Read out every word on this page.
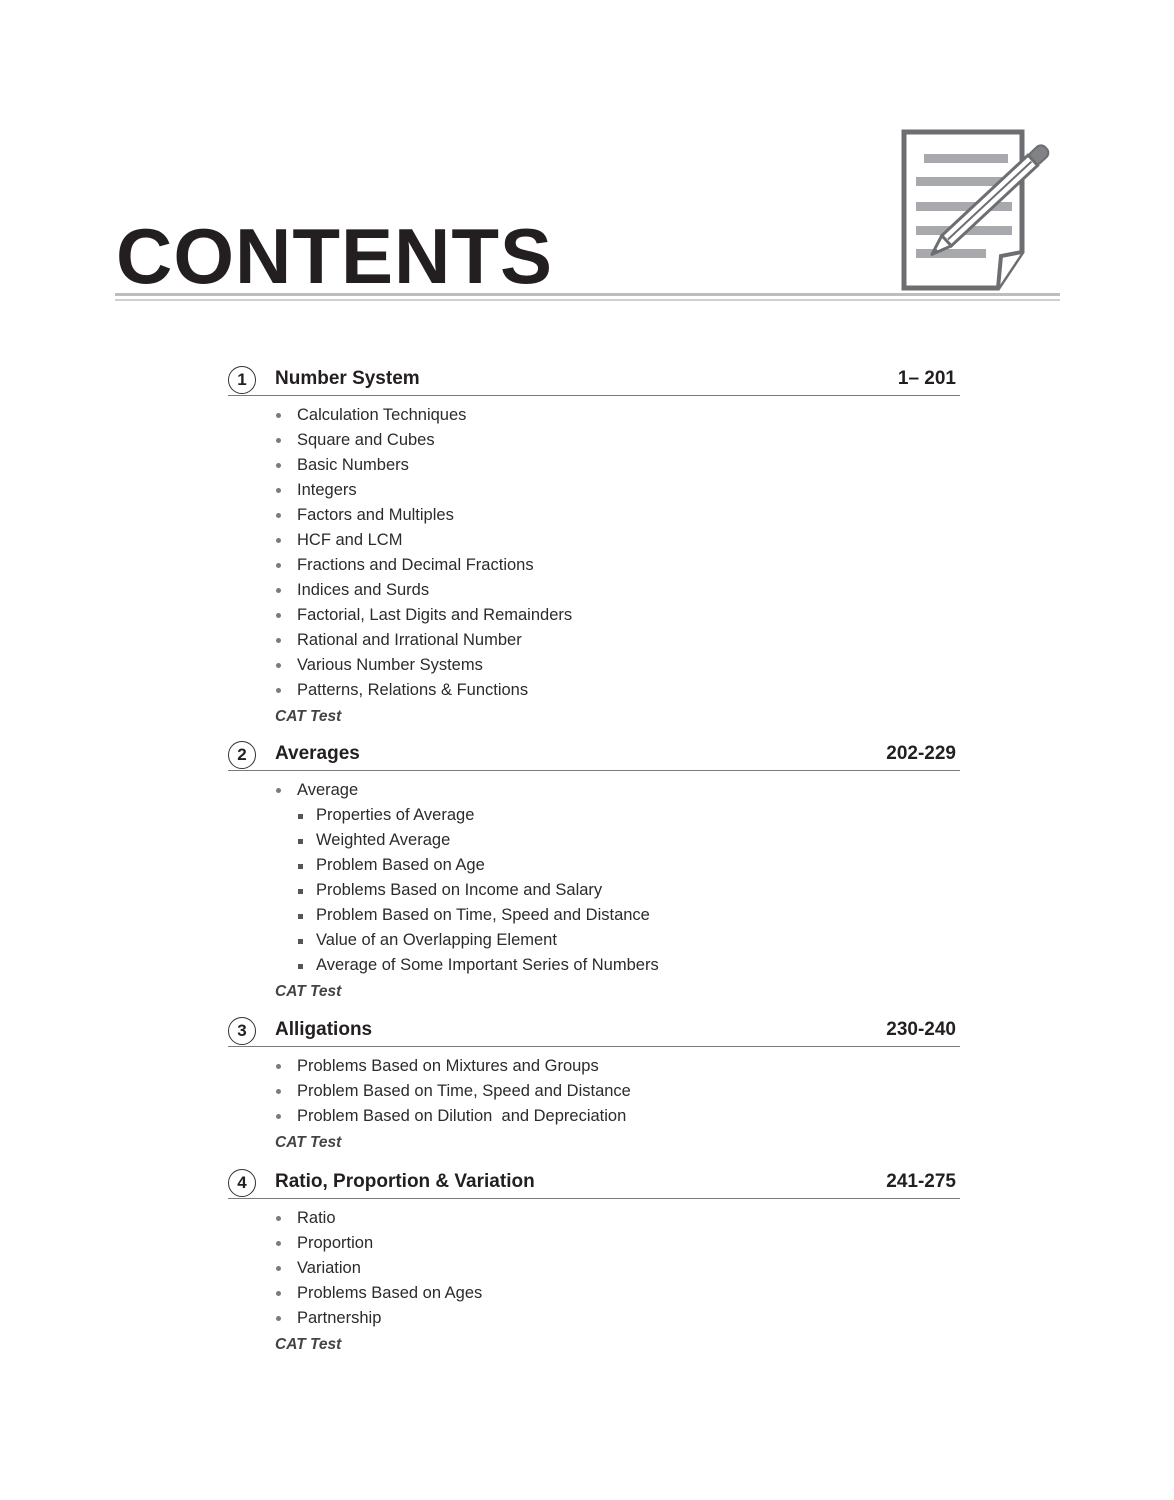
CONTENTS
1	Number System	1– 201
Calculation Techniques
Square and Cubes
Basic Numbers
Integers
Factors and Multiples
HCF and LCM
Fractions and Decimal Fractions
Indices and Surds
Factorial, Last Digits and Remainders
Rational and Irrational Number
Various Number Systems
Patterns, Relations & Functions
CAT Test
2	Averages	202-229
Average
Properties of Average
Weighted Average
Problem Based on Age
Problems Based on Income and Salary
Problem Based on Time, Speed and Distance
Value of an Overlapping Element
Average of Some Important Series of Numbers
CAT Test
3	Alligations	230-240
Problems Based on Mixtures and Groups
Problem Based on Time, Speed and Distance
Problem Based on Dilution  and Depreciation
CAT Test
4	Ratio, Proportion & Variation	241-275
Ratio
Proportion
Variation
Problems Based on Ages
Partnership
CAT Test
